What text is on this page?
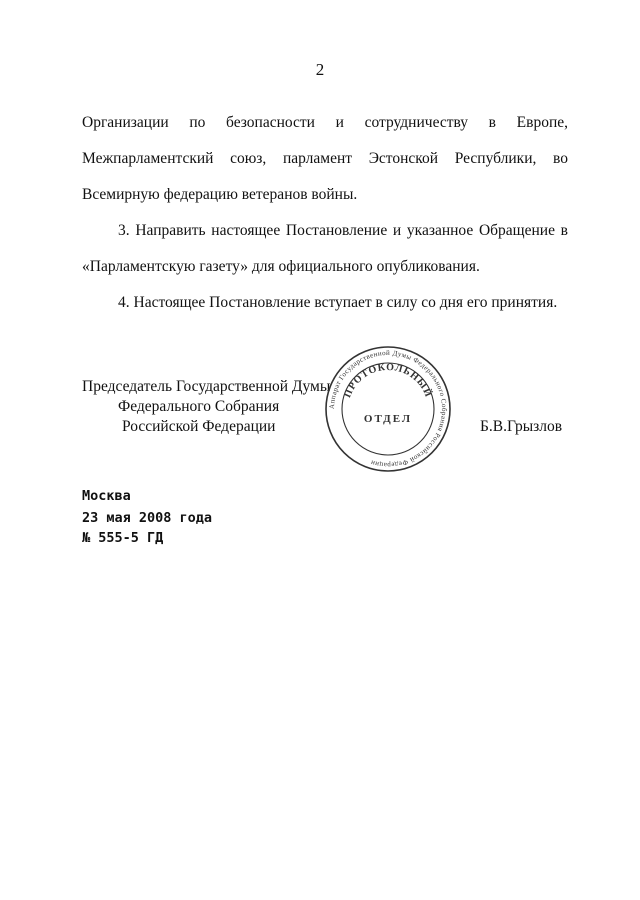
2
Организации по безопасности и сотрудничеству в Европе,
Межпарламентский союз, парламент Эстонской Республики, во
Всемирную федерацию ветеранов войны.
3. Направить настоящее Постановление и указанное Обращение в
«Парламентскую газету» для официального опубликования.
4. Настоящее Постановление вступает в силу со дня его принятия.
Председатель Государственной Думы
Федерального Собрания
Российской Федерации
Аппарат Государственной Думы Федерального Собрания Российской Федерации
ПРОТОКОЛЬНЫЙ
ОТДЕЛ	Б.В.Грызлов
Москва
23 мая 2008 года
№ 555-5 ГД
